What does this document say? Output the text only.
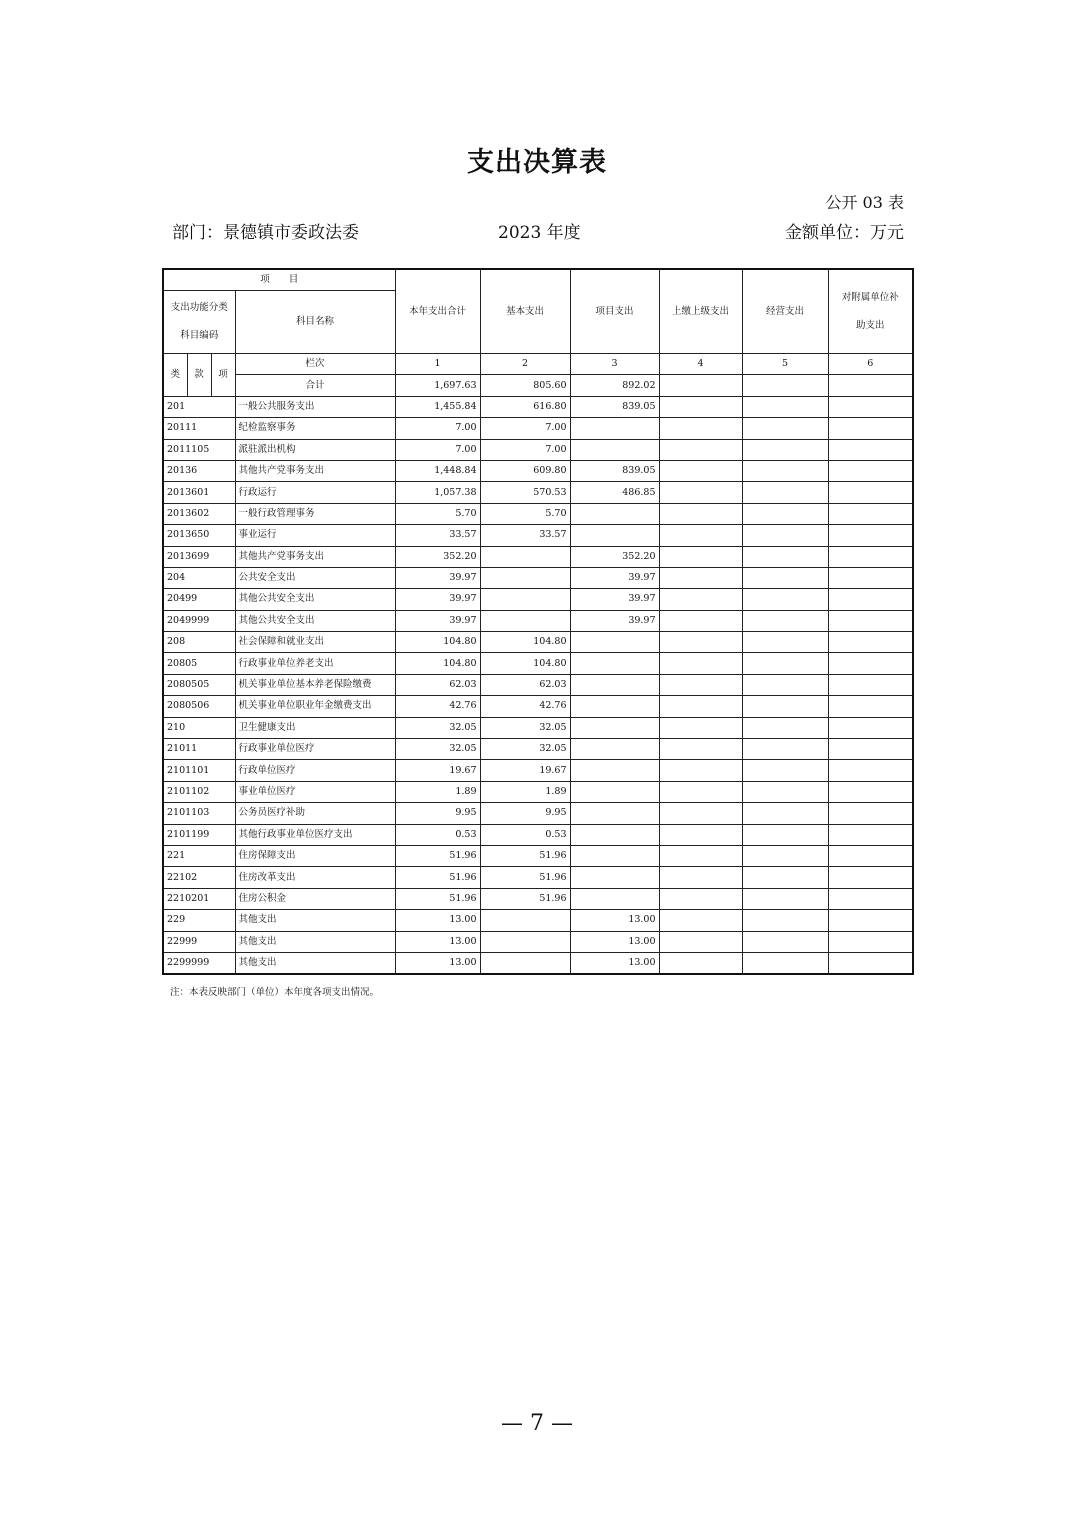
支出决算表
公开 03 表
部门：景德镇市委政法委	2023 年度	金额单位：万元
项　　目				本年支出合计	基本支出	项目支出	上缴上级支出	经营支出	对附属单位补助支出
支出功能分类科目编码			科目名称						
类	款	项	栏次	1	2	3	4	5	6
			合计	1,697.63	805.60	892.02			
201			一般公共服务支出	1,455.84	616.80	839.05			
20111			纪检监察事务	7.00	7.00				
2011105			派驻派出机构	7.00	7.00				
20136			其他共产党事务支出	1,448.84	609.80	839.05			
2013601			行政运行	1,057.38	570.53	486.85			
2013602			一般行政管理事务	5.70	5.70				
2013650			事业运行	33.57	33.57				
2013699			其他共产党事务支出	352.20		352.20			
204			公共安全支出	39.97		39.97			
20499			其他公共安全支出	39.97		39.97			
2049999			其他公共安全支出	39.97		39.97			
208			社会保障和就业支出	104.80	104.80				
20805			行政事业单位养老支出	104.80	104.80				
2080505			机关事业单位基本养老保险缴费	62.03	62.03				
2080506			机关事业单位职业年金缴费支出	42.76	42.76				
210			卫生健康支出	32.05	32.05				
21011			行政事业单位医疗	32.05	32.05				
2101101			行政单位医疗	19.67	19.67				
2101102			事业单位医疗	1.89	1.89				
2101103			公务员医疗补助	9.95	9.95				
2101199			其他行政事业单位医疗支出	0.53	0.53				
221			住房保障支出	51.96	51.96				
22102			住房改革支出	51.96	51.96				
2210201			住房公积金	51.96	51.96				
229			其他支出	13.00		13.00			
22999			其他支出	13.00		13.00			
2299999			其他支出	13.00		13.00			
注：本表反映部门（单位）本年度各项支出情况。
— 7 —
